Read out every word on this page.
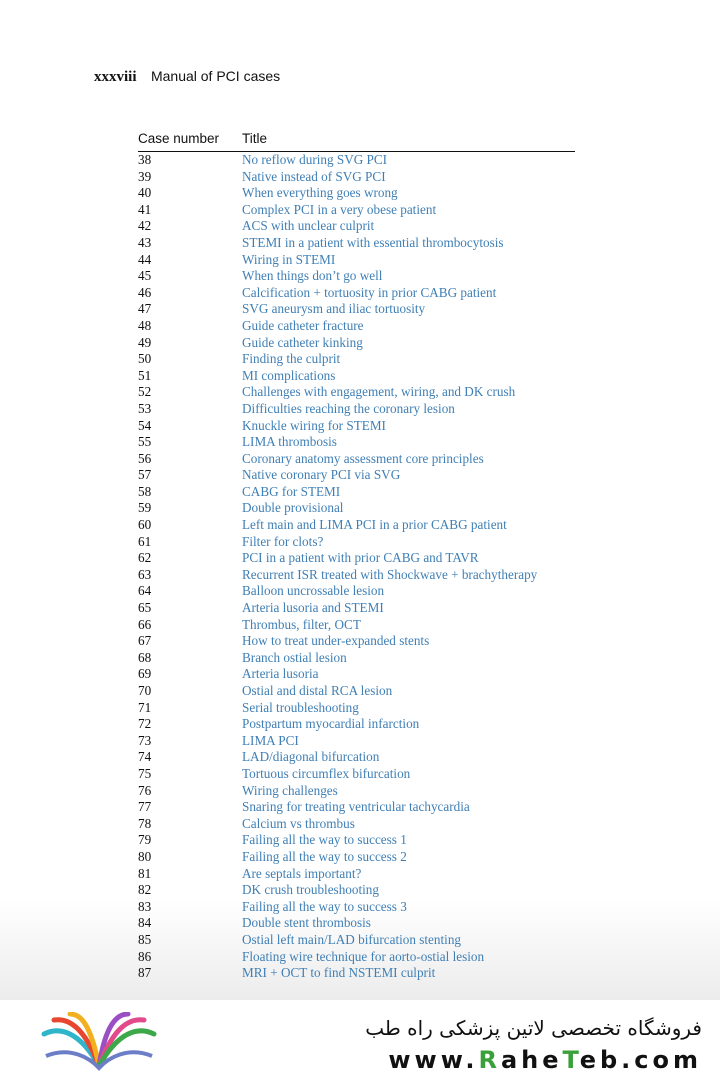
xxxviii Manual of PCI cases
Case number	Title
38	No reflow during SVG PCI
39	Native instead of SVG PCI
40	When everything goes wrong
41	Complex PCI in a very obese patient
42	ACS with unclear culprit
43	STEMI in a patient with essential thrombocytosis
44	Wiring in STEMI
45	When things don’t go well
46	Calcification + tortuosity in prior CABG patient
47	SVG aneurysm and iliac tortuosity
48	Guide catheter fracture
49	Guide catheter kinking
50	Finding the culprit
51	MI complications
52	Challenges with engagement, wiring, and DK crush
53	Difficulties reaching the coronary lesion
54	Knuckle wiring for STEMI
55	LIMA thrombosis
56	Coronary anatomy assessment core principles
57	Native coronary PCI via SVG
58	CABG for STEMI
59	Double provisional
60	Left main and LIMA PCI in a prior CABG patient
61	Filter for clots?
62	PCI in a patient with prior CABG and TAVR
63	Recurrent ISR treated with Shockwave + brachytherapy
64	Balloon uncrossable lesion
65	Arteria lusoria and STEMI
66	Thrombus, filter, OCT
67	How to treat under-expanded stents
68	Branch ostial lesion
69	Arteria lusoria
70	Ostial and distal RCA lesion
71	Serial troubleshooting
72	Postpartum myocardial infarction
73	LIMA PCI
74	LAD/diagonal bifurcation
75	Tortuous circumflex bifurcation
76	Wiring challenges
77	Snaring for treating ventricular tachycardia
78	Calcium vs thrombus
79	Failing all the way to success 1
80	Failing all the way to success 2
81	Are septals important?
82	DK crush troubleshooting
83	Failing all the way to success 3
84	Double stent thrombosis
85	Ostial left main/LAD bifurcation stenting
86	Floating wire technique for aorto-ostial lesion
87	MRI + OCT to find NSTEMI culprit
فروشگاه تخصصی لاتین پزشکی راه طب
www.RaheTeb.com
